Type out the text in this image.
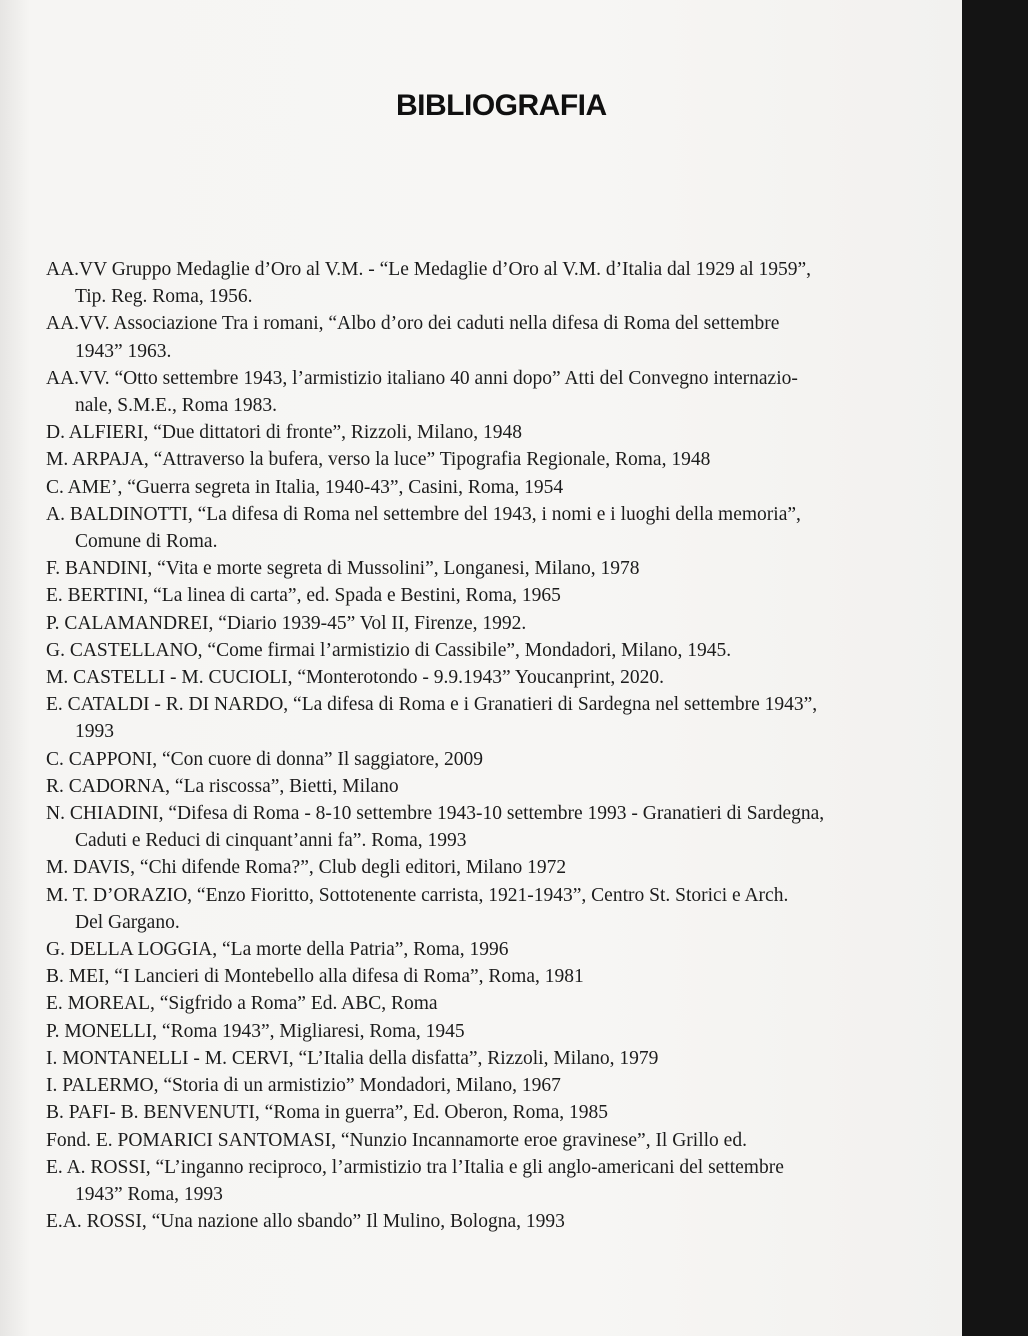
BIBLIOGRAFIA
AA.VV Gruppo Medaglie d’Oro al V.M. - “Le Medaglie d’Oro al V.M. d’Italia dal 1929 al 1959”,
Tip. Reg. Roma, 1956.
AA.VV. Associazione Tra i romani, “Albo d’oro dei caduti nella difesa di Roma del settembre
1943” 1963.
AA.VV. “Otto settembre 1943, l’armistizio italiano 40 anni dopo” Atti del Convegno internazio-
nale, S.M.E., Roma 1983.
D. ALFIERI, “Due dittatori di fronte”, Rizzoli, Milano, 1948
M. ARPAJA, “Attraverso la bufera, verso la luce” Tipografia Regionale, Roma, 1948
C. AME’, “Guerra segreta in Italia, 1940-43”, Casini, Roma, 1954
A. BALDINOTTI, “La difesa di Roma nel settembre del 1943, i nomi e i luoghi della memoria”,
Comune di Roma.
F. BANDINI, “Vita e morte segreta di Mussolini”, Longanesi, Milano, 1978
E. BERTINI, “La linea di carta”, ed. Spada e Bestini, Roma, 1965
P. CALAMANDREI, “Diario 1939-45” Vol II, Firenze, 1992.
G. CASTELLANO, “Come firmai l’armistizio di Cassibile”, Mondadori, Milano, 1945.
M. CASTELLI - M. CUCIOLI, “Monterotondo - 9.9.1943” Youcanprint, 2020.
E. CATALDI - R. DI NARDO, “La difesa di Roma e i Granatieri di Sardegna nel settembre 1943”,
1993
C. CAPPONI, “Con cuore di donna” Il saggiatore, 2009
R. CADORNA, “La riscossa”, Bietti, Milano
N. CHIADINI, “Difesa di Roma - 8-10 settembre 1943-10 settembre 1993 - Granatieri di Sardegna,
Caduti e Reduci di cinquant’anni fa”. Roma, 1993
M. DAVIS, “Chi difende Roma?”, Club degli editori, Milano 1972
M. T. D’ORAZIO, “Enzo Fioritto, Sottotenente carrista, 1921-1943”, Centro St. Storici e Arch.
Del Gargano.
G. DELLA LOGGIA, “La morte della Patria”, Roma, 1996
B. MEI, “I Lancieri di Montebello alla difesa di Roma”, Roma, 1981
E. MOREAL, “Sigfrido a Roma” Ed. ABC, Roma
P. MONELLI, “Roma 1943”, Migliaresi, Roma, 1945
I. MONTANELLI - M. CERVI, “L’Italia della disfatta”, Rizzoli, Milano, 1979
I. PALERMO, “Storia di un armistizio” Mondadori, Milano, 1967
B. PAFI- B. BENVENUTI, “Roma in guerra”, Ed. Oberon, Roma, 1985
Fond. E. POMARICI SANTOMASI, “Nunzio Incannamorte eroe gravinese”, Il Grillo ed.
E. A. ROSSI, “L’inganno reciproco, l’armistizio tra l’Italia e gli anglo-americani del settembre
1943” Roma, 1993
E.A. ROSSI, “Una nazione allo sbando” Il Mulino, Bologna, 1993
